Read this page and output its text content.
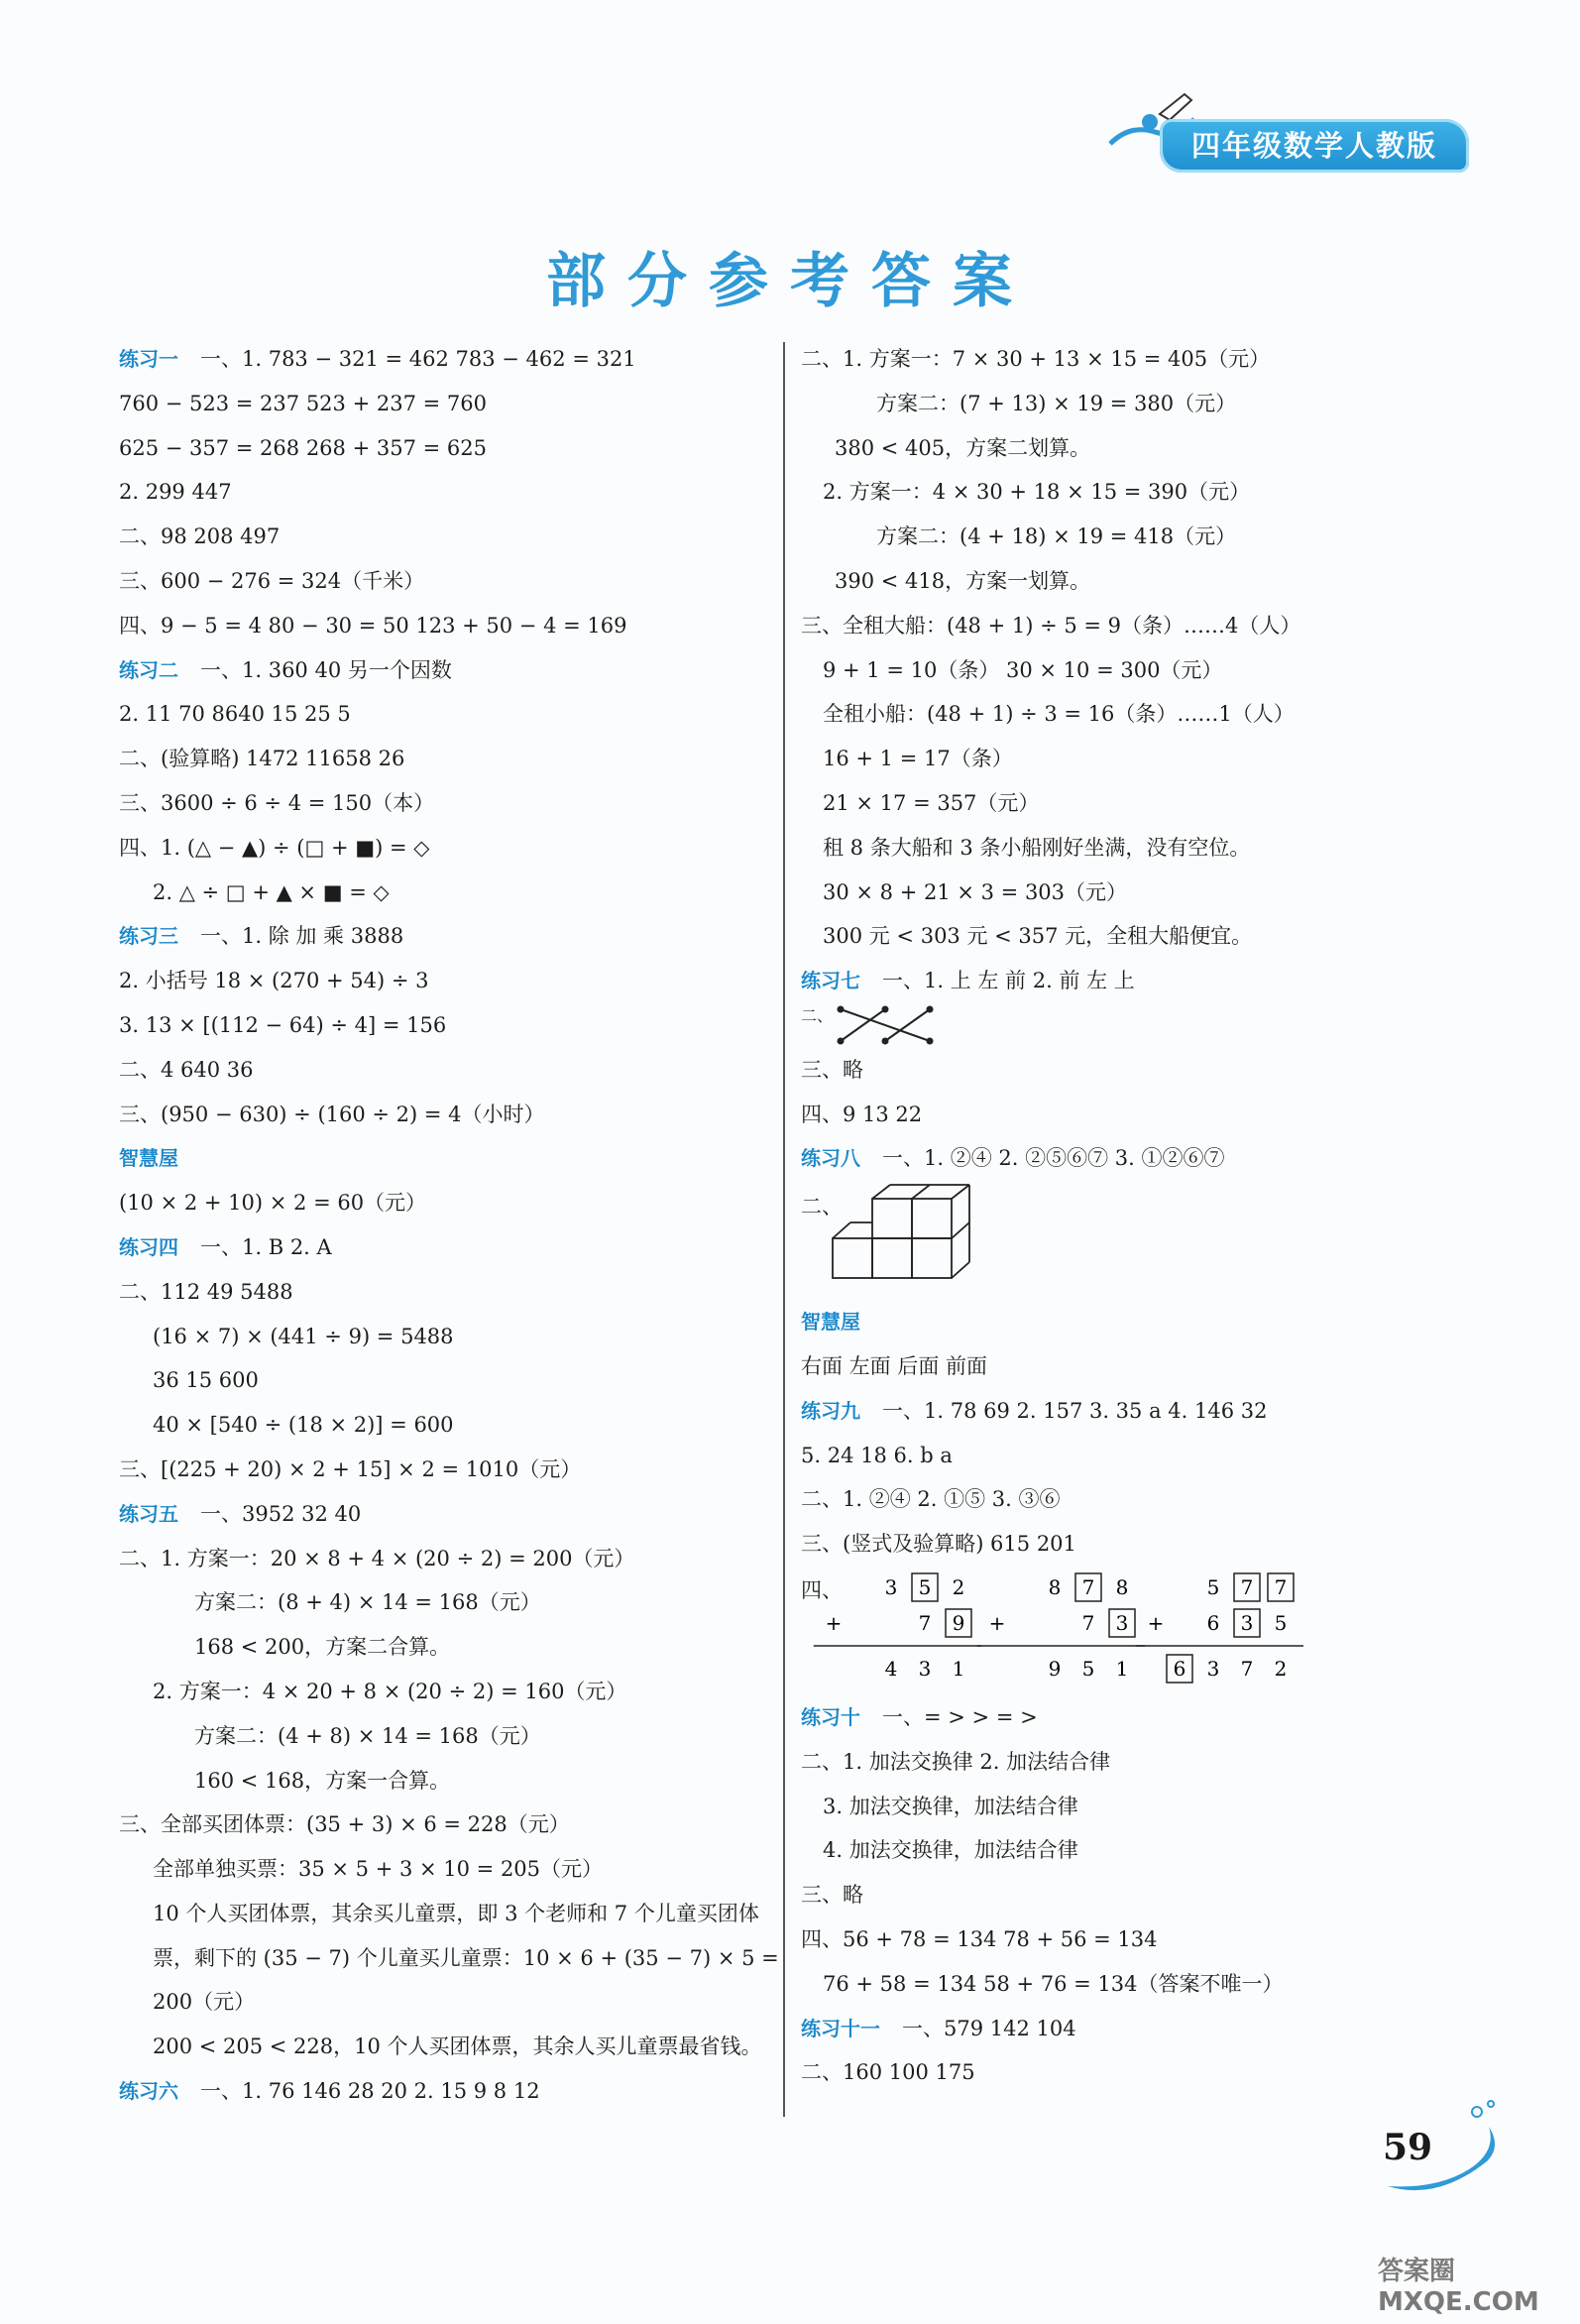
四年级数学人教版
部分参考答案
练习一 一、1. 783 − 321 = 462 783 − 462 = 321
760 − 523 = 237 523 + 237 = 760
625 − 357 = 268 268 + 357 = 625
2. 299 447
二、98 208 497
三、600 − 276 = 324（千米）
四、9 − 5 = 4 80 − 30 = 50 123 + 50 − 4 = 169
练习二 一、1. 360 40 另一个因数
2. 11 70 8640 15 25 5
二、(验算略) 1472 11658 26
三、3600 ÷ 6 ÷ 4 = 150（本）
四、1. (△ − ▲) ÷ (□ + ■) = ◇
2. △ ÷ □ + ▲ × ■ = ◇
练习三 一、1. 除 加 乘 3888
2. 小括号 18 × (270 + 54) ÷ 3
3. 13 × [(112 − 64) ÷ 4] = 156
二、4 640 36
三、(950 − 630) ÷ (160 ÷ 2) = 4（小时）
智慧屋
(10 × 2 + 10) × 2 = 60（元）
练习四 一、1. B 2. A
二、112 49 5488
(16 × 7) × (441 ÷ 9) = 5488
36 15 600
40 × [540 ÷ (18 × 2)] = 600
三、[(225 + 20) × 2 + 15] × 2 = 1010（元）
练习五 一、3952 32 40
二、1. 方案一：20 × 8 + 4 × (20 ÷ 2) = 200（元）
方案二：(8 + 4) × 14 = 168（元）
168 < 200，方案二合算。
2. 方案一：4 × 20 + 8 × (20 ÷ 2) = 160（元）
方案二：(4 + 8) × 14 = 168（元）
160 < 168，方案一合算。
三、全部买团体票：(35 + 3) × 6 = 228（元）
全部单独买票：35 × 5 + 3 × 10 = 205（元）
10 个人买团体票，其余买儿童票，即 3 个老师和 7 个儿童买团体
票，剩下的 (35 − 7) 个儿童买儿童票：10 × 6 + (35 − 7) × 5 =
200（元）
200 < 205 < 228，10 个人买团体票，其余人买儿童票最省钱。
练习六 一、1. 76 146 28 20 2. 15 9 8 12
二、1. 方案一：7 × 30 + 13 × 15 = 405（元）
方案二：(7 + 13) × 19 = 380（元）
380 < 405，方案二划算。
2. 方案一：4 × 30 + 18 × 15 = 390（元）
方案二：(4 + 18) × 19 = 418（元）
390 < 418，方案一划算。
三、全租大船：(48 + 1) ÷ 5 = 9（条）……4（人）
9 + 1 = 10（条） 30 × 10 = 300（元）
全租小船：(48 + 1) ÷ 3 = 16（条）……1（人）
16 + 1 = 17（条）
21 × 17 = 357（元）
租 8 条大船和 3 条小船刚好坐满，没有空位。
30 × 8 + 21 × 3 = 303（元）
300 元 < 303 元 < 357 元，全租大船便宜。
练习七 一、1. 上 左 前 2. 前 左 上
二、
三、略
四、9 13 22
练习八 一、1. ②④ 2. ②⑤⑥⑦ 3. ①②⑥⑦
二、
智慧屋
右面 左面 后面 前面
练习九 一、1. 78 69 2. 157 3. 35 a 4. 146 32
5. 24 18 6. b a
二、1. ②④ 2. ①⑤ 3. ③⑥
三、(竖式及验算略) 615 201
四、 3 5 2
7 9
+
4 3 1
8 7 8
7 3
+
9 5 1
5 7 7
6 3 5
+
6 3 7 2
练习十 一、= > > = >
二、1. 加法交换律 2. 加法结合律
3. 加法交换律，加法结合律
4. 加法交换律，加法结合律
三、略
四、56 + 78 = 134 78 + 56 = 134
76 + 58 = 134 58 + 76 = 134（答案不唯一）
练习十一 一、579 142 104
二、160 100 175
59
答案圈 MXQE.COM
